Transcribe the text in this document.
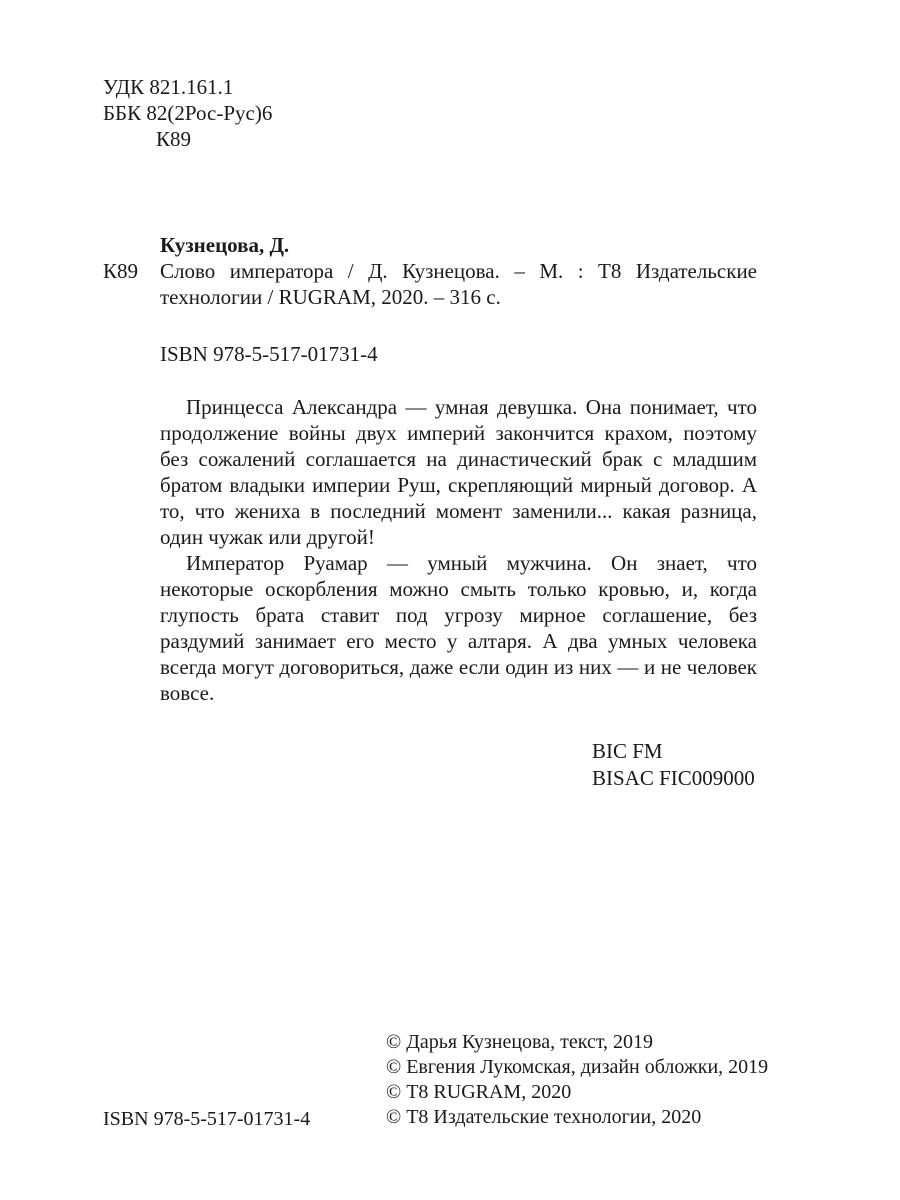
УДК 821.161.1
ББК 82(2Рос-Рус)6
К89
Кузнецова, Д.
К89 Слово императора / Д. Кузнецова. – М. : Т8 Издательские
технологии / RUGRAM, 2020. – 316 с.
ISBN 978-5-517-01731-4

Принцесса Александра — умная девушка. Она понимает, что продолжение войны двух империй закончится крахом, поэтому без сожалений соглашается на династический брак с младшим братом владыки империи Руш, скрепляющий мирный договор. А то, что жениха в последний момент заменили... какая разница, один чужак или другой!

Император Руамар — умный мужчина. Он знает, что некоторые оскорбления можно смыть только кровью, и, когда глупость брата ставит под угрозу мирное соглашение, без раздумий занимает его место у алтаря. А два умных человека всегда могут договориться, даже если один из них — и не человек вовсе.

BIC FM
BISAC FIC009000
© Дарья Кузнецова, текст, 2019
© Евгения Лукомская, дизайн обложки, 2019
© Т8 RUGRAM, 2020
© Т8 Издательские технологии, 2020
ISBN 978-5-517-01731-4
